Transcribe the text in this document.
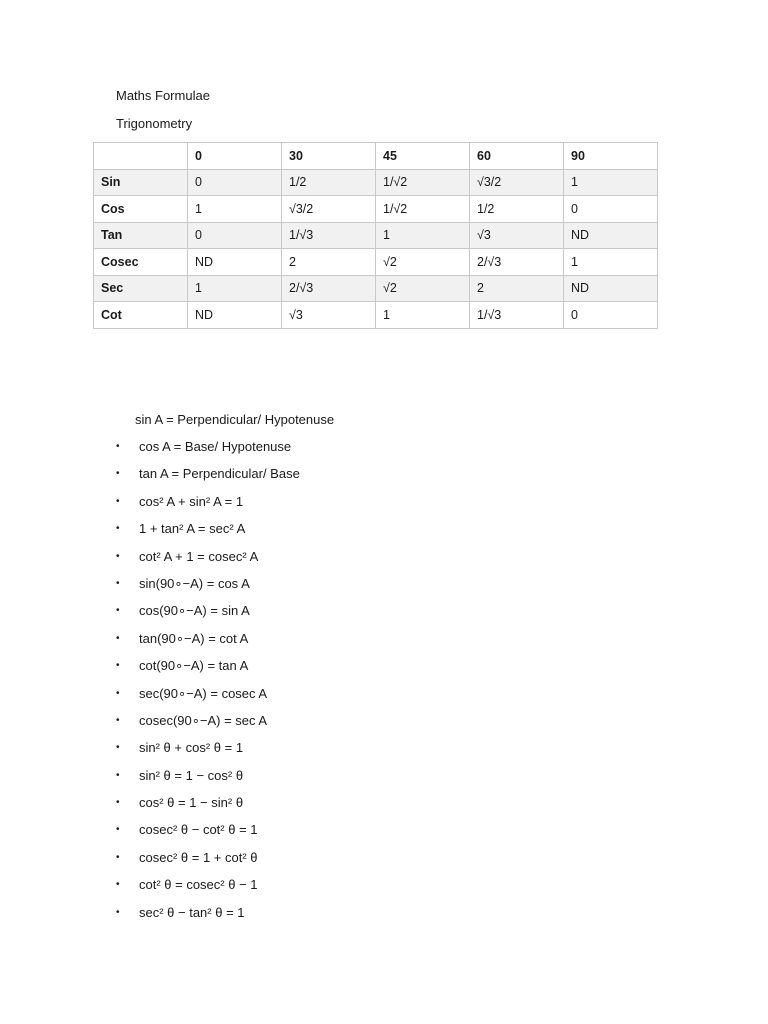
Maths Formulae
Trigonometry
	0	30	45	60	90
Sin	0	1/2	1/√2	√3/2	1
Cos	1	√3/2	1/√2	1/2	0
Tan	0	1/√3	1	√3	ND
Cosec	ND	2	√2	2/√3	1
Sec	1	2/√3	√2	2	ND
Cot	ND	√3	1	1/√3	0
sin A = Perpendicular/ Hypotenuse
• cos A = Base/ Hypotenuse
• tan A = Perpendicular/ Base
• cos² A + sin² A = 1
• 1 + tan² A = sec² A
• cot² A + 1 = cosec² A
• sin(90∘−A) = cos A
• cos(90∘−A) = sin A
• tan(90∘−A) = cot A
• cot(90∘−A) = tan A
• sec(90∘−A) = cosec A
• cosec(90∘−A) = sec A
• sin² θ + cos² θ = 1
• sin² θ = 1 − cos² θ
• cos² θ = 1 − sin² θ
• cosec² θ − cot² θ = 1
• cosec² θ = 1 + cot² θ
• cot² θ = cosec² θ − 1
• sec² θ − tan² θ = 1
